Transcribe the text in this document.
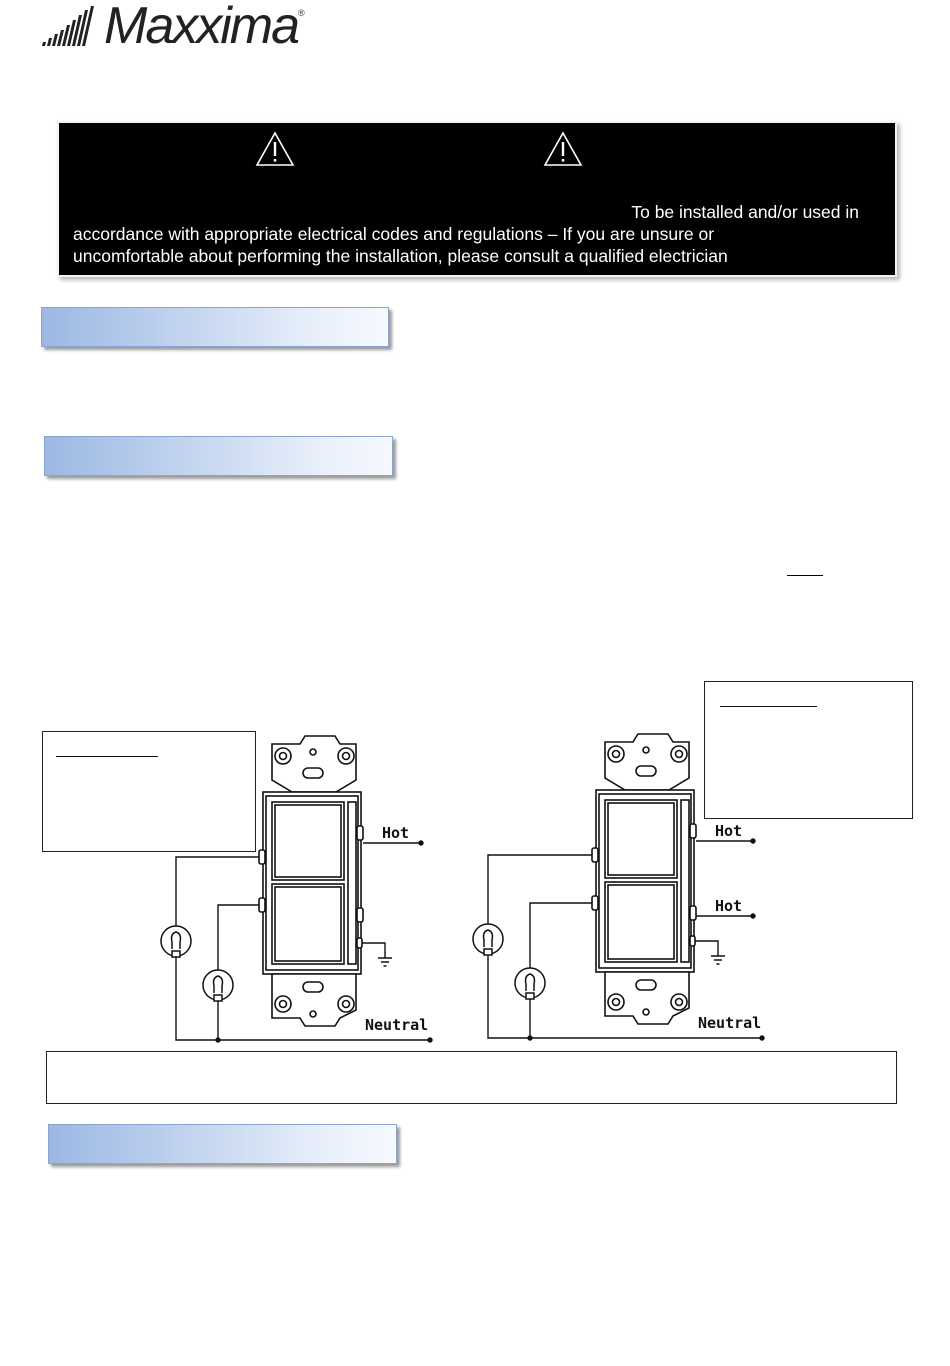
Maxxima ®
To be installed and/or used in
accordance with appropriate electrical codes and regulations – If you are unsure or
uncomfortable about performing the installation, please consult a qualified electrician
Hot
Neutral
Hot
Hot
Neutral
